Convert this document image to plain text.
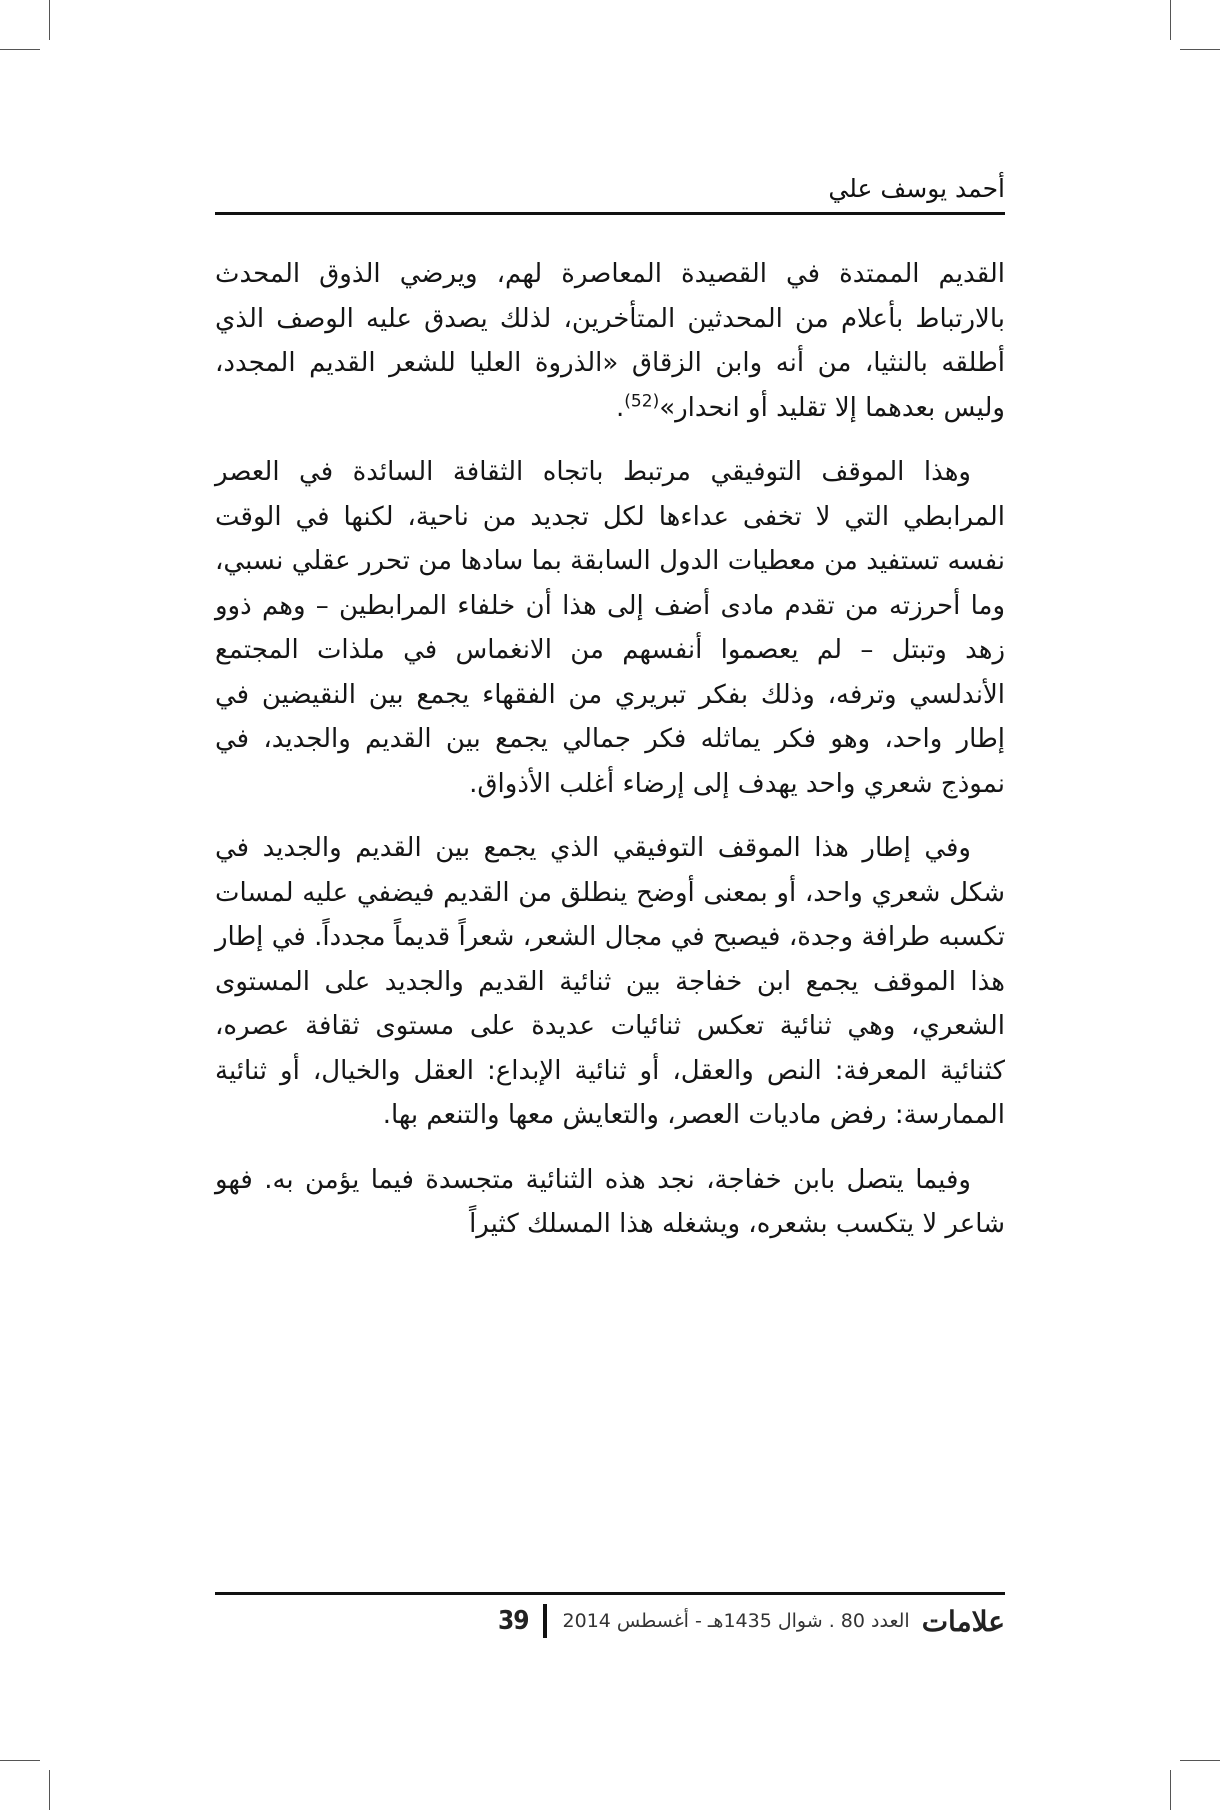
أحمد يوسف علي

القديم الممتدة في القصيدة المعاصرة لهم، ويرضي الذوق المحدث بالارتباط بأعلام من المحدثين المتأخرين، لذلك يصدق عليه الوصف الذي أطلقه بالنثيا، من أنه وابن الزقاق «الذروة العليا للشعر القديم المجدد، وليس بعدهما إلا تقليد أو انحدار»$^{(52)}$.

وهذا الموقف التوفيقي مرتبط باتجاه الثقافة السائدة في العصر المرابطي التي لا تخفى عداءها لكل تجديد من ناحية، لكنها في الوقت نفسه تستفيد من معطيات الدول السابقة بما سادها من تحرر عقلي نسبي، وما أحرزته من تقدم مادى أضف إلى هذا أن خلفاء المرابطين – وهم ذوو زهد وتبتل – لم يعصموا أنفسهم من الانغماس في ملذات المجتمع الأندلسي وترفه، وذلك بفكر تبريري من الفقهاء يجمع بين النقيضين في إطار واحد، وهو فكر يماثله فكر جمالي يجمع بين القديم والجديد، في نموذج شعري واحد يهدف إلى إرضاء أغلب الأذواق.

وفي إطار هذا الموقف التوفيقي الذي يجمع بين القديم والجديد في شكل شعري واحد، أو بمعنى أوضح ينطلق من القديم فيضفي عليه لمسات تكسبه طرافة وجدة، فيصبح في مجال الشعر، شعراً قديماً مجدداً. في إطار هذا الموقف يجمع ابن خفاجة بين ثنائية القديم والجديد على المستوى الشعري، وهي ثنائية تعكس ثنائيات عديدة على مستوى ثقافة عصره، كثنائية المعرفة: النص والعقل، أو ثنائية الإبداع: العقل والخيال، أو ثنائية الممارسة: رفض ماديات العصر، والتعايش معها والتنعم بها.

وفيما يتصل بابن خفاجة، نجد هذه الثنائية متجسدة فيما يؤمن به. فهو شاعر لا يتكسب بشعره، ويشغله هذا المسلك كثيراً

علامات
العدد 80 . شوال 1435هـ - أغسطس 2014
39
